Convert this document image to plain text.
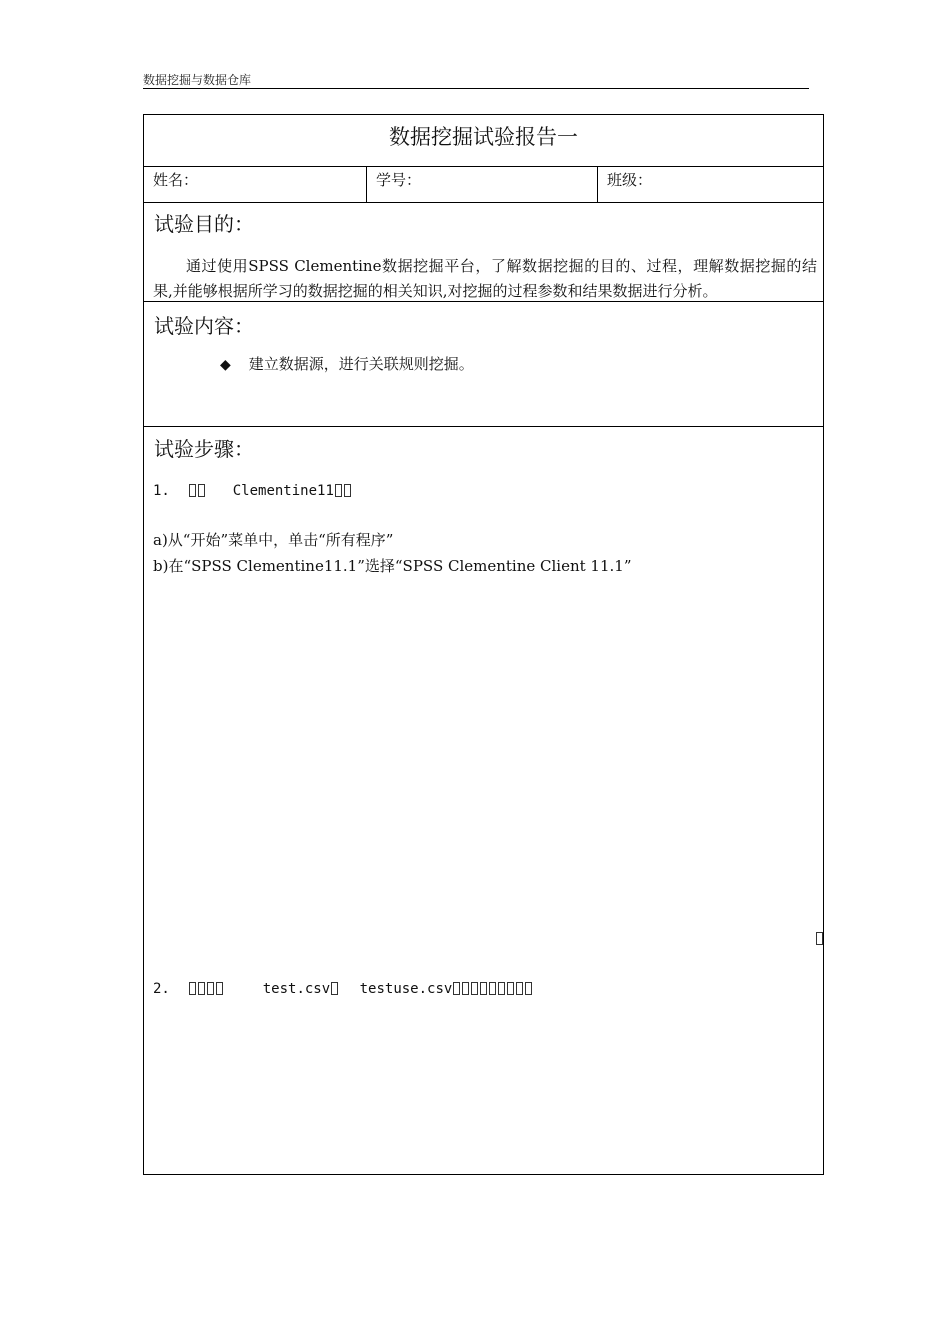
数据挖掘与数据仓库
数据挖掘试验报告一
姓名：	学号：	班级：
试验目的：
通过使用SPSS Clementine数据挖掘平台，了解数据挖掘的目的、过程，理解数据挖掘的结果,并能够根据所学习的数据挖掘的相关知识,对挖掘的过程参数和结果数据进行分析。
试验内容：
◆ 建立数据源，进行关联规则挖掘。
试验步骤：
1.	Clementine11
a)从“开始”菜单中，单击“所有程序”
b)在“SPSS Clementine11.1”选择“SPSS Clementine Client 11.1”
2.	test.csv testuse.csv
